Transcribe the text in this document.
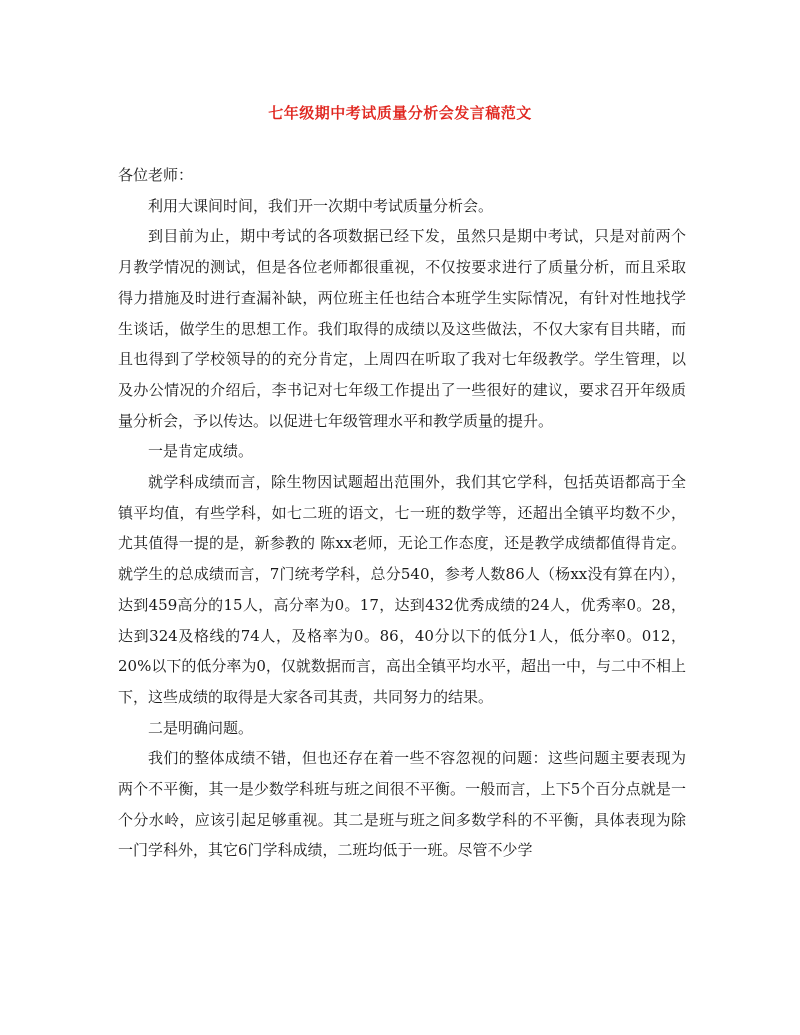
七年级期中考试质量分析会发言稿范文

各位老师：

利用大课间时间，我们开一次期中考试质量分析会。

到目前为止，期中考试的各项数据已经下发，虽然只是期中考试，只是对前两个月教学情况的测试，但是各位老师都很重视，不仅按要求进行了质量分析，而且采取得力措施及时进行查漏补缺，两位班主任也结合本班学生实际情况，有针对性地找学生谈话，做学生的思想工作。我们取得的成绩以及这些做法，不仅大家有目共睹，而且也得到了学校领导的的充分肯定，上周四在听取了我对七年级教学。学生管理，以及办公情况的介绍后，李书记对七年级工作提出了一些很好的建议，要求召开年级质量分析会，予以传达。以促进七年级管理水平和教学质量的提升。

一是肯定成绩。

就学科成绩而言，除生物因试题超出范围外，我们其它学科，包括英语都高于全镇平均值，有些学科，如七二班的语文，七一班的数学等，还超出全镇平均数不少，尤其值得一提的是，新参教的 陈xx老师，无论工作态度，还是教学成绩都值得肯定。就学生的总成绩而言，7门统考学科，总分540，参考人数86人（杨xx没有算在内），达到459高分的15人，高分率为0。17，达到432优秀成绩的24人，优秀率0。28，达到324及格线的74人，及格率为0。86，40分以下的低分1人，低分率0。012，20%以下的低分率为0，仅就数据而言，高出全镇平均水平，超出一中，与二中不相上下，这些成绩的取得是大家各司其责，共同努力的结果。

二是明确问题。

我们的整体成绩不错，但也还存在着一些不容忽视的问题：这些问题主要表现为两个不平衡，其一是少数学科班与班之间很不平衡。一般而言，上下5个百分点就是一个分水岭，应该引起足够重视。其二是班与班之间多数学科的不平衡，具体表现为除一门学科外，其它6门学科成绩，二班均低于一班。尽管不少学
